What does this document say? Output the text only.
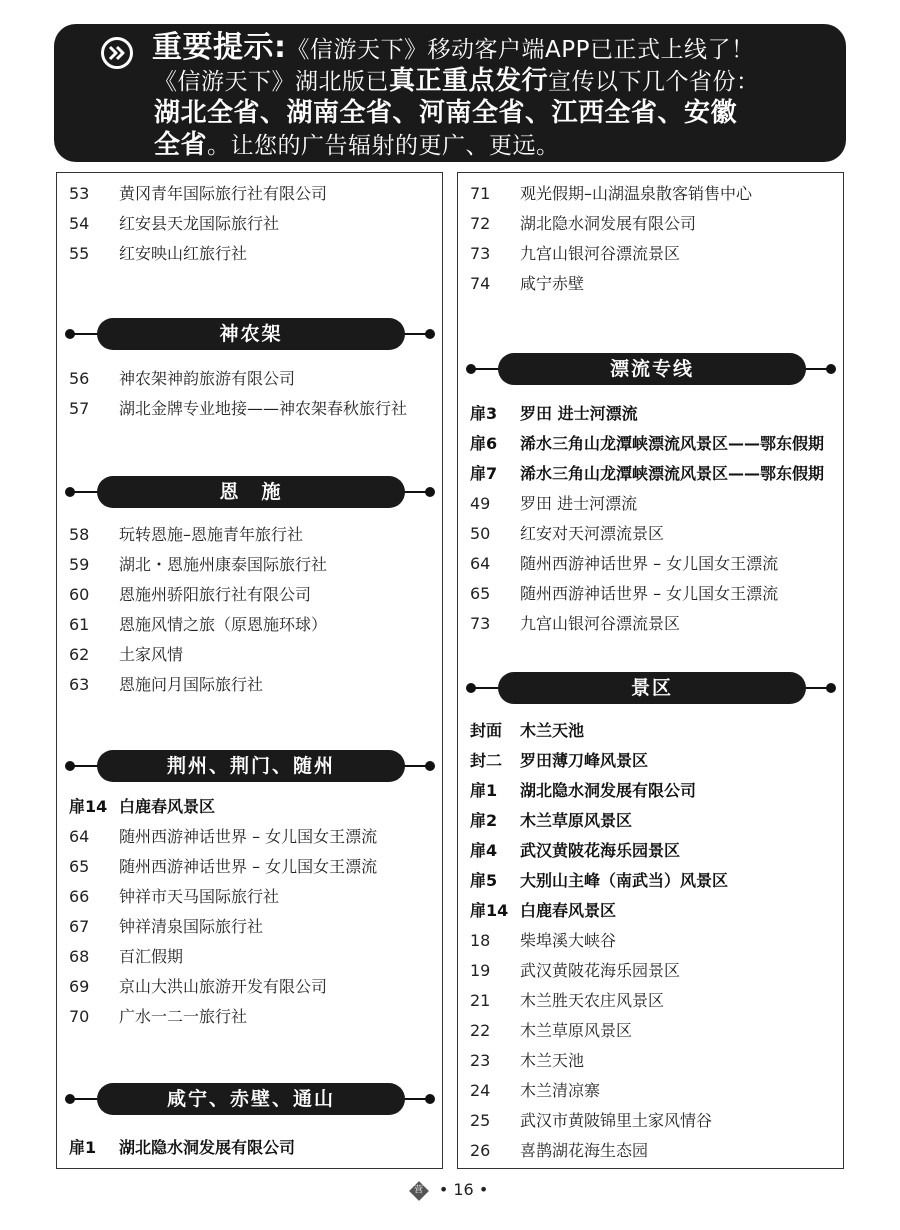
重要提示:《信游天下》移动客户端APP已正式上线了！
《信游天下》湖北版已真正重点发行宣传以下几个省份：
湖北全省、湖南全省、河南全省、江西全省、安徽
全省。让您的广告辐射的更广、更远。
53 黄冈青年国际旅行社有限公司
54 红安县天龙国际旅行社
55 红安映山红旅行社
神农架
56 神农架神韵旅游有限公司
57 湖北金牌专业地接——神农架春秋旅行社
恩　施
58 玩转恩施–恩施青年旅行社
59 湖北・恩施州康泰国际旅行社
60 恩施州骄阳旅行社有限公司
61 恩施风情之旅（原恩施环球）
62 土家风情
63 恩施问月国际旅行社
荆州、荆门、随州
扉14 白鹿春风景区
64 随州西游神话世界 – 女儿国女王漂流
65 随州西游神话世界 – 女儿国女王漂流
66 钟祥市天马国际旅行社
67 钟祥清泉国际旅行社
68 百汇假期
69 京山大洪山旅游开发有限公司
70 广水一二一旅行社
咸宁、赤壁、通山
扉1 湖北隐水洞发展有限公司
71 观光假期–山湖温泉散客销售中心
72 湖北隐水洞发展有限公司
73 九宫山银河谷漂流景区
74 咸宁赤壁
漂流专线
扉3 罗田 进士河漂流
扉6 浠水三角山龙潭峡漂流风景区——鄂东假期
扉7 浠水三角山龙潭峡漂流风景区——鄂东假期
49 罗田 进士河漂流
50 红安对天河漂流景区
64 随州西游神话世界 – 女儿国女王漂流
65 随州西游神话世界 – 女儿国女王漂流
73 九宫山银河谷漂流景区
景区
封面 木兰天池
封二 罗田薄刀峰风景区
扉1 湖北隐水洞发展有限公司
扉2 木兰草原风景区
扉4 武汉黄陂花海乐园景区
扉5 大别山主峰（南武当）风景区
扉14 白鹿春风景区
18 柴埠溪大峡谷
19 武汉黄陂花海乐园景区
21 木兰胜天农庄风景区
22 木兰草原风景区
23 木兰天池
24 木兰清凉寨
25 武汉市黄陂锦里土家风情谷
26 喜鹊湖花海生态园
营 • 16 •
